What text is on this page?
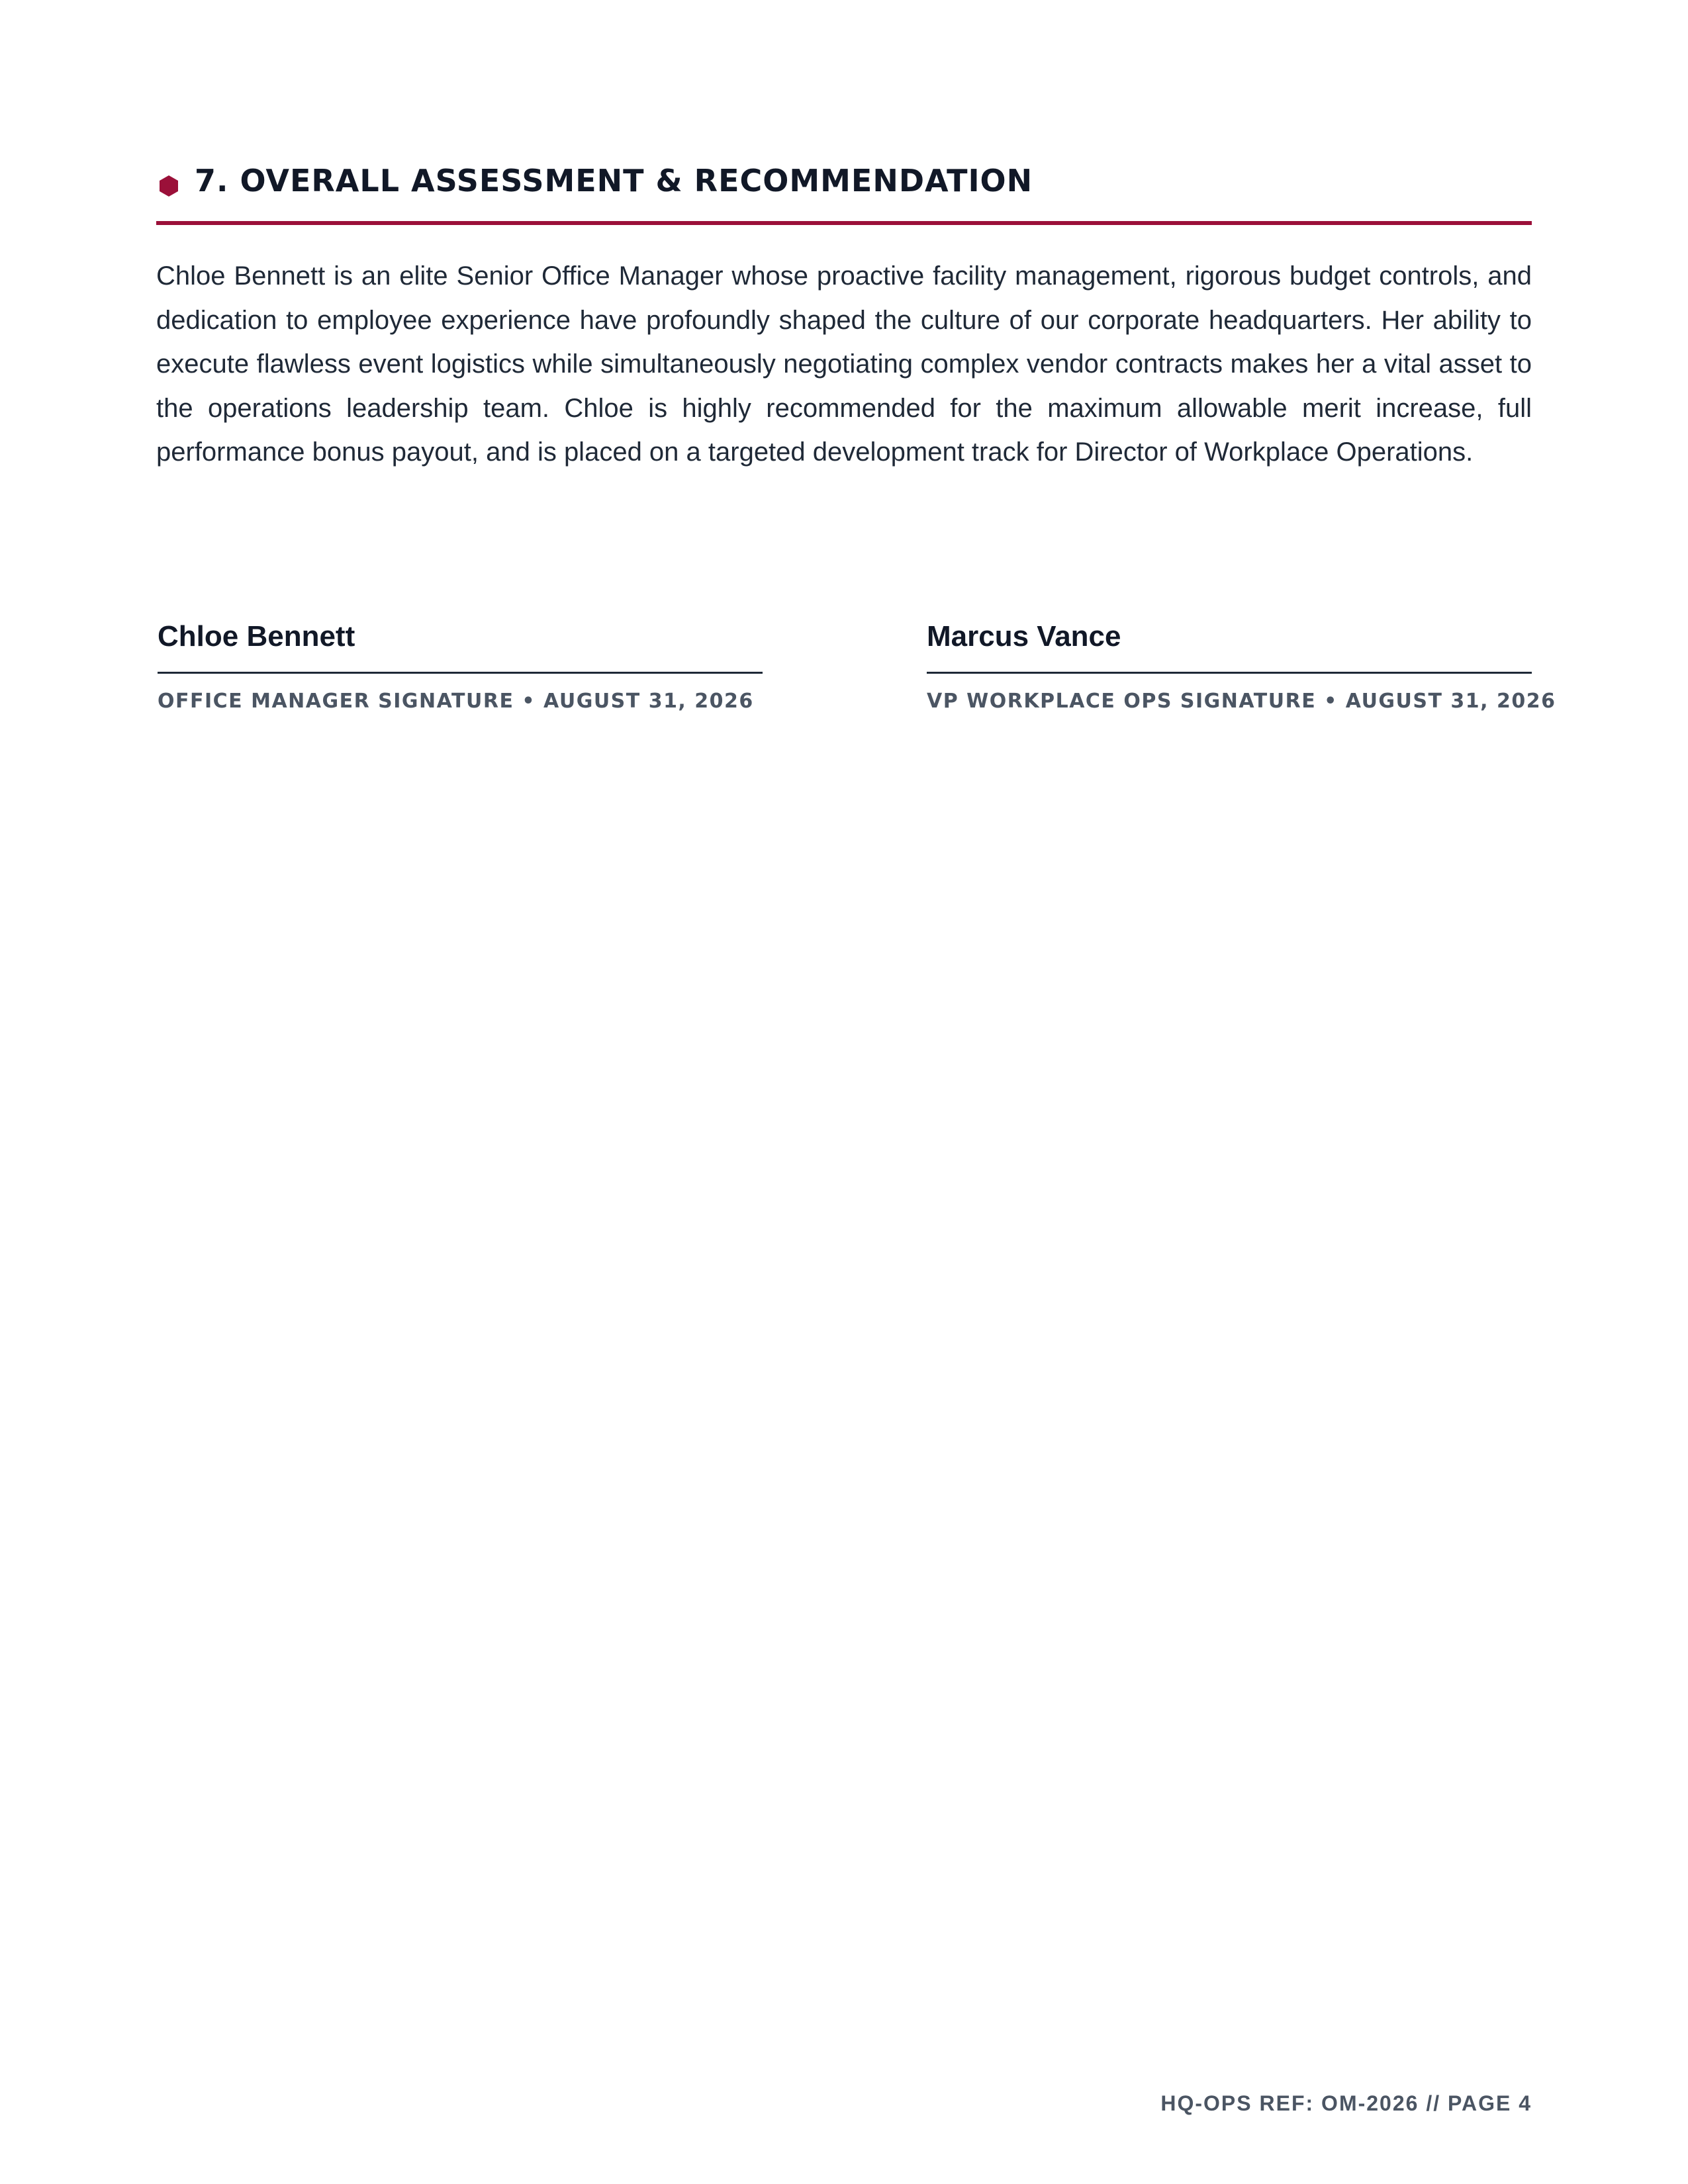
7. OVERALL ASSESSMENT & RECOMMENDATION

Chloe Bennett is an elite Senior Office Manager whose proactive facility management, rigorous budget controls, and dedication to employee experience have profoundly shaped the culture of our corporate headquarters. Her ability to execute flawless event logistics while simultaneously negotiating complex vendor contracts makes her a vital asset to the operations leadership team. Chloe is highly recommended for the maximum allowable merit increase, full performance bonus payout, and is placed on a targeted development track for Director of Workplace Operations.

Chloe Bennett
OFFICE MANAGER SIGNATURE • AUGUST 31, 2026
Marcus Vance
VP WORKPLACE OPS SIGNATURE • AUGUST 31, 2026
HQ-OPS REF: OM-2026 // PAGE 4
